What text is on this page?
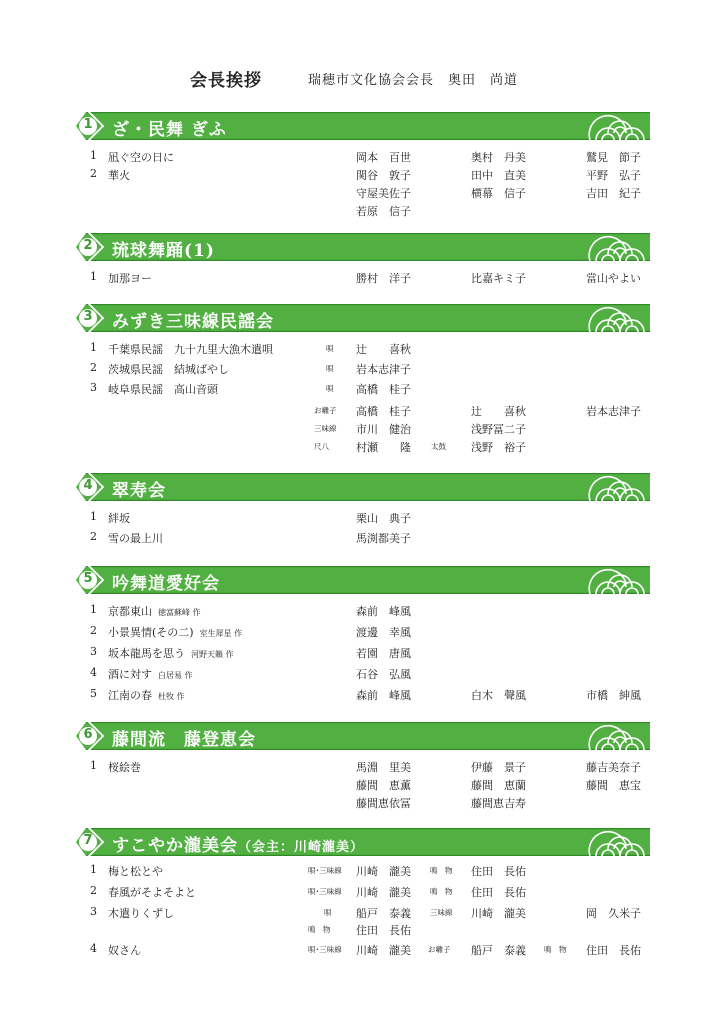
会長挨拶	瑞穂市文化協会会長　奥田　尚道
1 ざ・民舞 ぎふ
1 凪ぐ空の日に	岡本　百世	奥村　丹美	鷲見　節子
2 華火	関谷　敦子	田中　直美	平野　弘子
守屋美佐子	横幕　信子	吉田　紀子
若原　信子
2 琉球舞踊(1)
1 加那ヨー	勝村　洋子	比嘉キミ子	當山やよい
3 みずき三味線民謡会
1 千葉県民謡　九十九里大漁木遣唄	唄 辻　　喜秋
2 茨城県民謡　結城ばやし	唄 岩本志津子
3 岐阜県民謡　高山音頭	唄 高橋　桂子
お囃子 高橋　桂子	辻　　喜秋	岩本志津子
三味線 市川　健治	浅野冨二子
尺八 村瀬　　隆	太鼓 浅野　裕子
4 翠寿会
1 絆坂	栗山　典子
2 雪の最上川	馬渕都美子
5 吟舞道愛好会
1 京都東山 徳富蘇峰 作	森前　峰風
2 小景異情(その二) 室生犀星 作	渡邊　幸風
3 坂本龍馬を思う 河野天籟 作	若園　唐風
4 酒に対す 白居易 作	石谷　弘風
5 江南の春 杜牧 作	森前　峰風	白木　聲風	市橋　紳風
6 藤間流　藤登恵会
1 桜絵巻	馬淵　里美	伊藤　景子	藤吉美奈子
藤間　恵薫	藤間　恵蘭	藤間　恵宝
藤間恵依冨	藤間恵吉寿
7 すこやか瀧美会（会主：川崎瀧美）
1 梅と松とや	唄･三味線 川崎　瀧美	鳴　物 住田　長佑
2 春風がそよそよと	唄･三味線 川崎　瀧美	鳴　物 住田　長佑
3 木遣りくずし	唄 船戸　泰義	三味線 川崎　瀧美	岡　久米子
鳴　物 住田　長佑
4 奴さん	唄･三味線 川崎　瀧美 お囃子 船戸　泰義 鳴　物 住田　長佑
